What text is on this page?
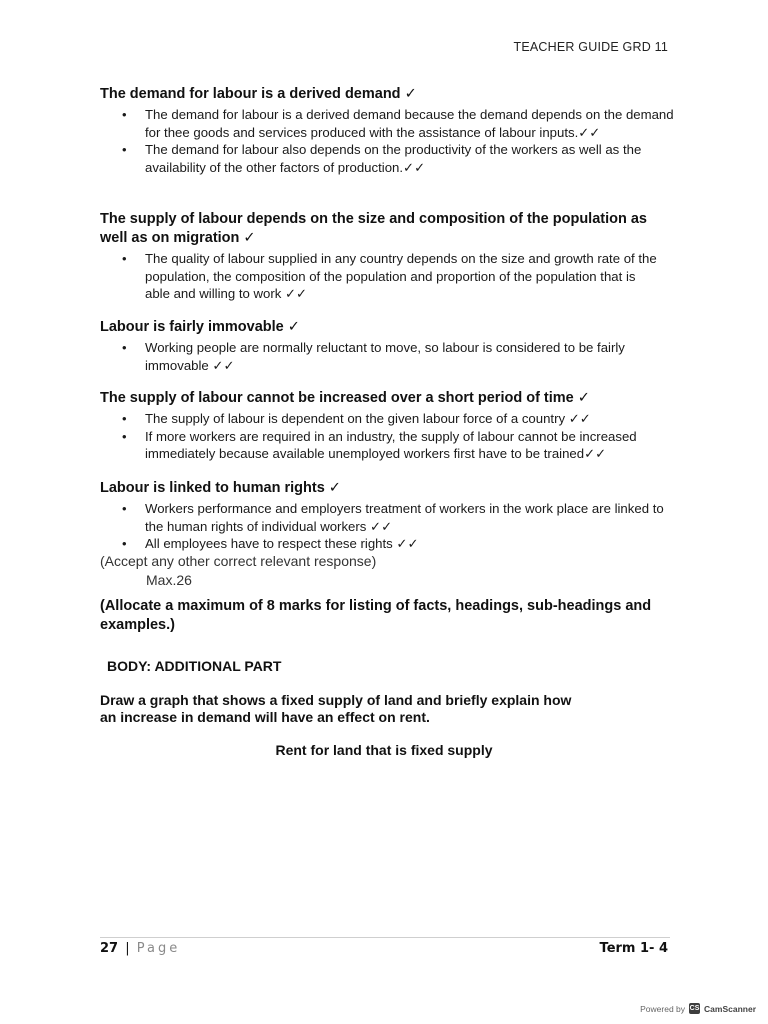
TEACHER GUIDE GRD 11
The demand for labour is a derived demand ✓
• The demand for labour is a derived demand because the demand depends on the demand for thee goods and services produced with the assistance of labour inputs.✓✓
• The demand for labour also depends on the productivity of the workers as well as the availability of the other factors of production.✓✓
The supply of labour depends on the size and composition of the population as well as on migration ✓
• The quality of labour supplied in any country depends on the size and growth rate of the population, the composition of the population and proportion of the population that is able and willing to work ✓✓
Labour is fairly immovable ✓
• Working people are normally reluctant to move, so labour is considered to be fairly immovable ✓✓
The supply of labour cannot be increased over a short period of time ✓
• The supply of labour is dependent on the given labour force of a country ✓✓
• If more workers are required in an industry, the supply of labour cannot be increased immediately because available unemployed workers first have to be trained✓✓
Labour is linked to human rights ✓
• Workers performance and employers treatment of workers in the work place are linked to the human rights of individual workers ✓✓
• All employees have to respect these rights ✓✓
(Accept any other correct relevant response)
Max.26
(Allocate a maximum of 8 marks for listing of facts, headings, sub-headings and examples.)
BODY: ADDITIONAL PART
Draw a graph that shows a fixed supply of land and briefly explain how an increase in demand will have an effect on rent.
Rent for land that is fixed supply
27 | Page	Term 1- 4
Powered by CS CamScanner
